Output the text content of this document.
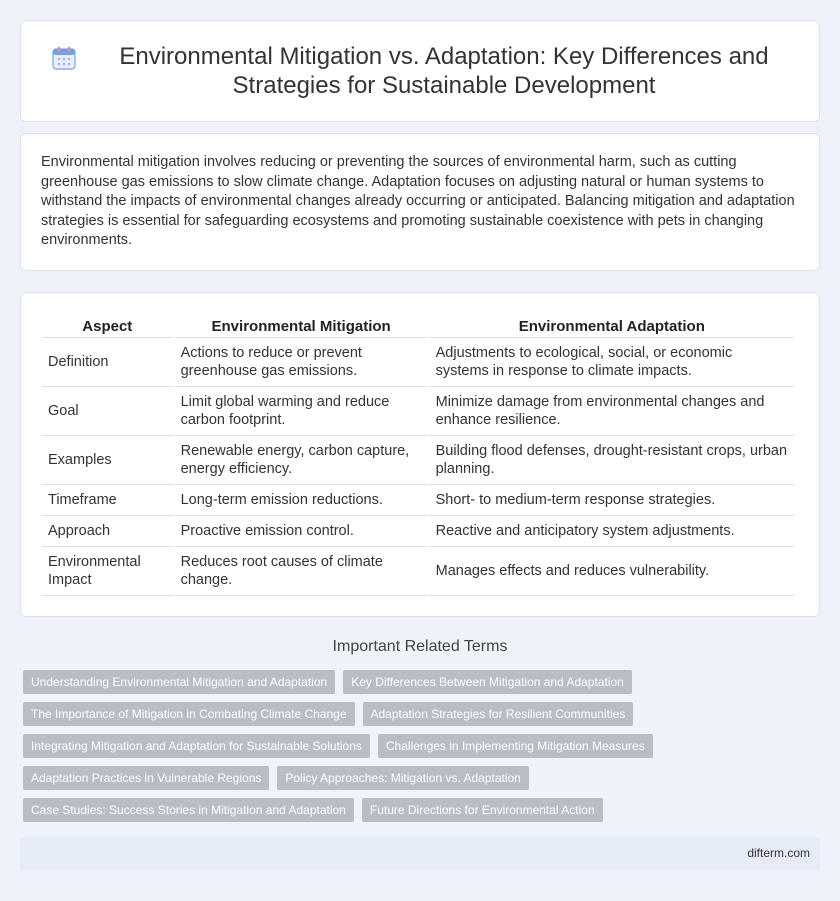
Environmental Mitigation vs. Adaptation: Key Differences and Strategies for Sustainable Development

Environmental mitigation involves reducing or preventing the sources of environmental harm, such as cutting greenhouse gas emissions to slow climate change. Adaptation focuses on adjusting natural or human systems to withstand the impacts of environmental changes already occurring or anticipated. Balancing mitigation and adaptation strategies is essential for safeguarding ecosystems and promoting sustainable coexistence with pets in changing environments.

Aspect	Environmental Mitigation	Environmental Adaptation
Definition	Actions to reduce or prevent greenhouse gas emissions.	Adjustments to ecological, social, or economic systems in response to climate impacts.
Goal	Limit global warming and reduce carbon footprint.	Minimize damage from environmental changes and enhance resilience.
Examples	Renewable energy, carbon capture, energy efficiency.	Building flood defenses, drought-resistant crops, urban planning.
Timeframe	Long-term emission reductions.	Short- to medium-term response strategies.
Approach	Proactive emission control.	Reactive and anticipatory system adjustments.
Environmental Impact	Reduces root causes of climate change.	Manages effects and reduces vulnerability.
Important Related Terms
Understanding Environmental Mitigation and Adaptation	Key Differences Between Mitigation and Adaptation
The Importance of Mitigation in Combating Climate Change	Adaptation Strategies for Resilient Communities
Integrating Mitigation and Adaptation for Sustainable Solutions	Challenges in Implementing Mitigation Measures
Adaptation Practices in Vulnerable Regions	Policy Approaches: Mitigation vs. Adaptation
Case Studies: Success Stories in Mitigation and Adaptation	Future Directions for Environmental Action
difterm.com
